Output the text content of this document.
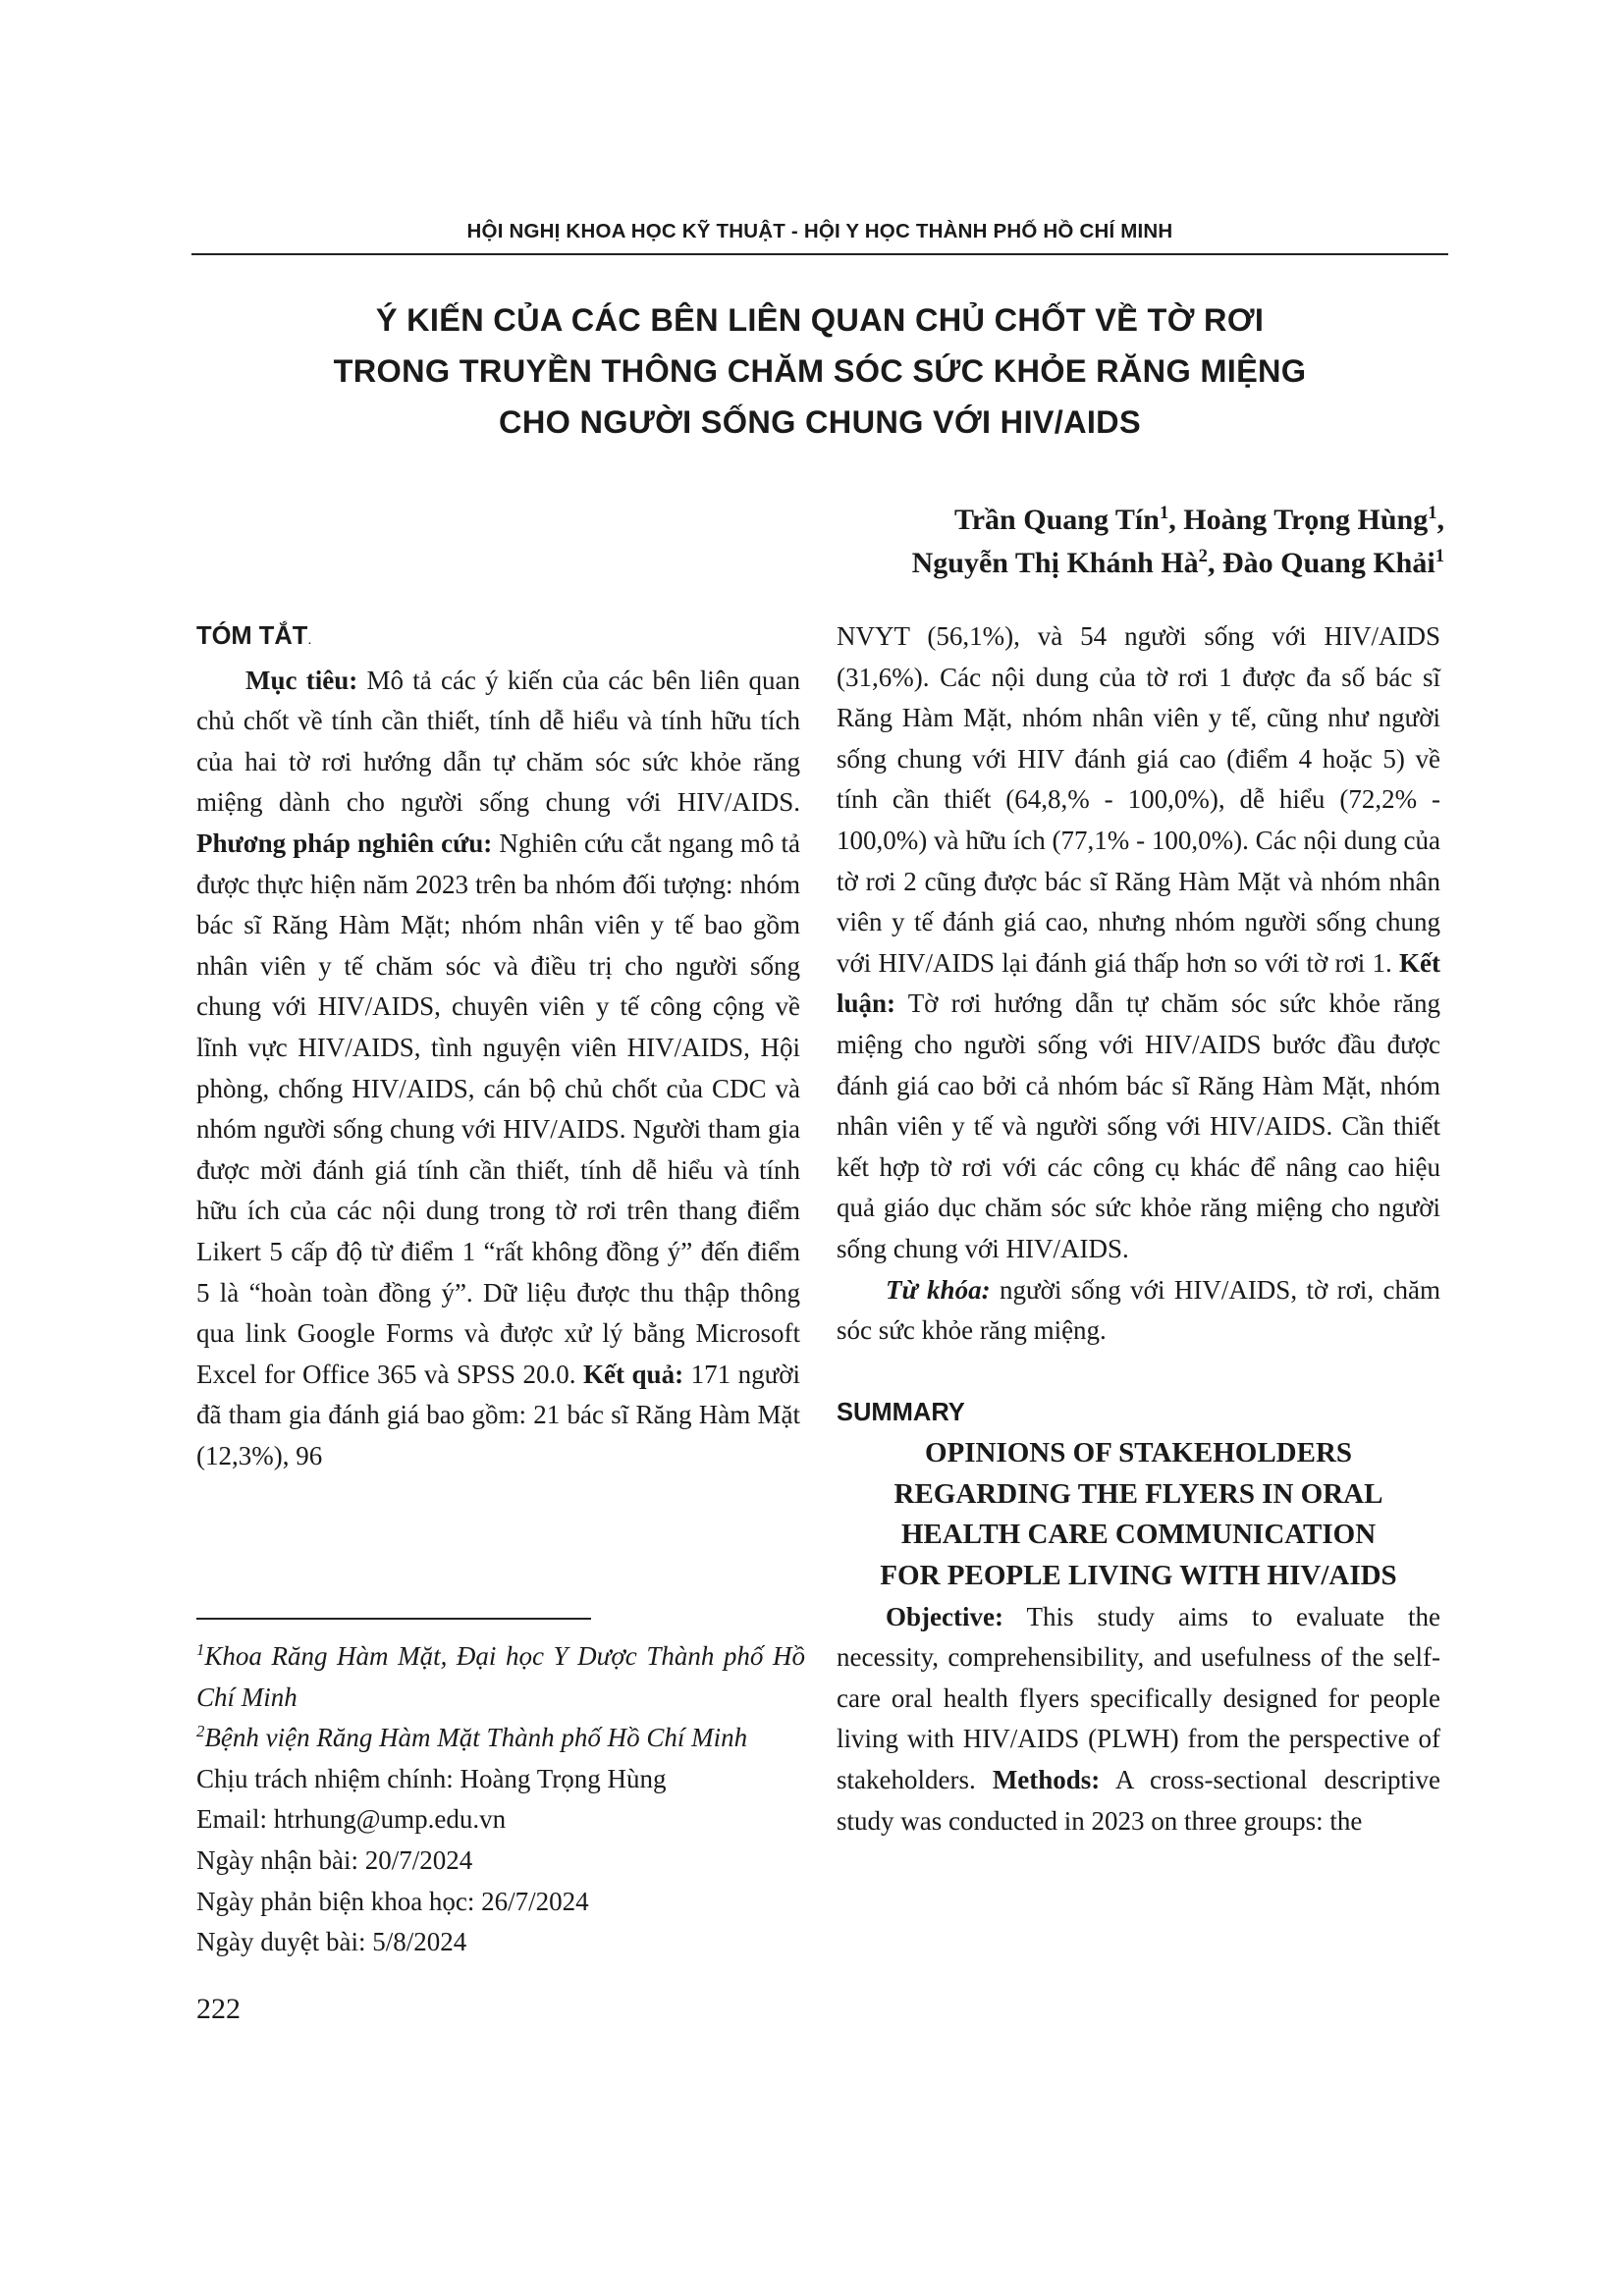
HỘI NGHỊ KHOA HỌC KỸ THUẬT - HỘI Y HỌC THÀNH PHỐ HỒ CHÍ MINH
Ý KIẾN CỦA CÁC BÊN LIÊN QUAN CHỦ CHỐT VỀ TỜ RƠI
TRONG TRUYỀN THÔNG CHĂM SÓC SỨC KHỎE RĂNG MIỆNG
CHO NGƯỜI SỐNG CHUNG VỚI HIV/AIDS
Trần Quang Tín$^1$, Hoàng Trọng Hùng$^1$,
Nguyễn Thị Khánh $Hà^2$, Đào Quang Khải$^1$
TÓM TẮT.

Mục tiêu: Mô tả các ý kiến của các bên liên quan chủ chốt về tính cần thiết, tính dễ hiểu và tính hữu tích của hai tờ rơi hướng dẫn tự chăm sóc sức khỏe răng miệng dành cho người sống chung với HIV/AIDS. Phương pháp nghiên cứu: Nghiên cứu cắt ngang mô tả được thực hiện năm 2023 trên ba nhóm đối tượng: nhóm bác sĩ Răng Hàm Mặt; nhóm nhân viên y tế bao gồm nhân viên y tế chăm sóc và điều trị cho người sống chung với HIV/AIDS, chuyên viên y tế công cộng về lĩnh vực HIV/AIDS, tình nguyện viên HIV/AIDS, Hội phòng, chống HIV/AIDS, cán bộ chủ chốt của CDC và nhóm người sống chung với HIV/AIDS. Người tham gia được mời đánh giá tính cần thiết, tính dễ hiểu và tính hữu ích của các nội dung trong tờ rơi trên thang điểm Likert 5 cấp độ từ điểm 1 “rất không đồng ý” đến điểm 5 là “hoàn toàn đồng ý”. Dữ liệu được thu thập thông qua link Google Forms và được xử lý bằng Microsoft Excel for Office 365 và SPSS 20.0. Kết quả: 171 người đã tham gia đánh giá bao gồm: 21 bác sĩ Răng Hàm Mặt (12,3%), 96

$^1$Khoa Răng Hàm Mặt, Đại học Y Dược Thành phố Hồ Chí Minh
$^2$Bệnh viện Răng Hàm Mặt Thành phố Hồ Chí Minh
Chịu trách nhiệm chính: Hoàng Trọng Hùng
Email: htrhung@ump.edu.vn
Ngày nhận bài: 20/7/2024
Ngày phản biện khoa học: 26/7/2024
Ngày duyệt bài: 5/8/2024

NVYT (56,1%), và 54 người sống với HIV/AIDS (31,6%). Các nội dung của tờ rơi 1 được đa số bác sĩ Răng Hàm Mặt, nhóm nhân viên y tế, cũng như người sống chung với HIV đánh giá cao (điểm 4 hoặc 5) về tính cần thiết (64,8,% - 100,0%), dễ hiểu (72,2% - 100,0%) và hữu ích (77,1% - 100,0%). Các nội dung của tờ rơi 2 cũng được bác sĩ Răng Hàm Mặt và nhóm nhân viên y tế đánh giá cao, nhưng nhóm người sống chung với HIV/AIDS lại đánh giá thấp hơn so với tờ rơi 1. Kết luận: Tờ rơi hướng dẫn tự chăm sóc sức khỏe răng miệng cho người sống với HIV/AIDS bước đầu được đánh giá cao bởi cả nhóm bác sĩ Răng Hàm Mặt, nhóm nhân viên y tế và người sống với HIV/AIDS. Cần thiết kết hợp tờ rơi với các công cụ khác để nâng cao hiệu quả giáo dục chăm sóc sức khỏe răng miệng cho người sống chung với HIV/AIDS.

Từ khóa: người sống với HIV/AIDS, tờ rơi, chăm sóc sức khỏe răng miệng.

SUMMARY
OPINIONS OF STAKEHOLDERS
REGARDING THE FLYERS IN ORAL
HEALTH CARE COMMUNICATION
FOR PEOPLE LIVING WITH HIV/AIDS

Objective: This study aims to evaluate the necessity, comprehensibility, and usefulness of the self-care oral health flyers specifically designed for people living with HIV/AIDS (PLWH) from the perspective of stakeholders. Methods: A cross-sectional descriptive study was conducted in 2023 on three groups: the

222
